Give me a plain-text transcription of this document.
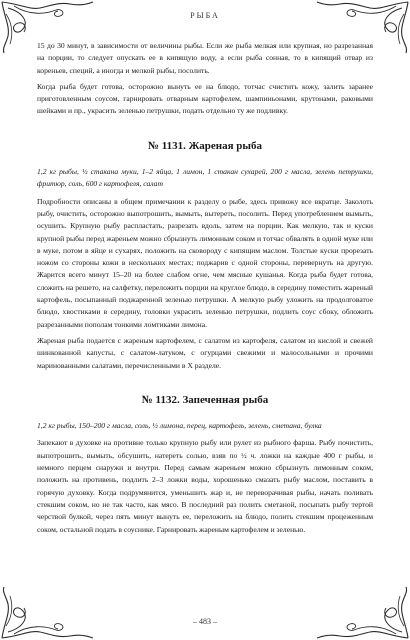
РЫБА

15 до 30 минут, в зависимости от величины рыбы. Если же рыба мелкая или крупная, но разрезанная на порции, то следует опускать ее в кипящую воду, а если рыба сонная, то в кипящий отвар из кореньев, специй, а иногда и мелкой рыбы, посолить.

Когда рыба будет готова, осторожно вынуть ее на блюдо, тотчас счистить кожу, залить заранее приготовленным соусом, гарнировать отварным картофелем, шампиньонами, крутонами, раковыми шейками и пр., украсить зеленью петрушки, подать отдельно ту же подливку.

№ 1131. Жареная рыба

1,2 кг рыбы, ½ стакана муки, 1–2 яйца, 1 лимон, 1 стакан сухарей, 200 г масла, зелень петрушки, фритюр, соль, 600 г картофеля, салат

Подробности описаны в общем примечании к разделу о рыбе, здесь привожу все вкратце. Заколоть рыбу, очистить, осторожно выпотрошить, вымыть, вытереть, посолить. Перед употреблением вымыть, осушить. Крупную рыбу распластать, разрезать вдоль, затем на порции. Как мелкую, так и куски крупной рыбы перед жареньем можно сбрызнуть лимонным соком и тотчас обвалять в одной муке или в муке, потом в яйце и сухарях, положить на сковороду с кипящим маслом. Толстые куски прорезать ножом со стороны кожи в нескольких местах; поджарив с одной стороны, перевернуть на другую. Жарится всего минут 15–20 на более слабом огне, чем мясные кушанья. Когда рыба будет готова, сложить на решето, на салфетку, переложить порции на круглое блюдо, в середину поместить жареный картофель, посыпанный поджаренной зеленью петрушки. А мелкую рыбу уложить на продолговатое блюдо, хвостиками в середину, головки украсить зеленью петрушки, подлить соус сбоку, обложить разрезанными пополам тонкими ломтиками лимона.

Жареная рыба подается с жареным картофелем, с салатом из картофеля, салатом из кислой и свежей шинкованной капусты, с салатом-латуком, с огурцами свежими и малосольными и прочими маринованными салатами, перечисленными в X разделе.

№ 1132. Запеченная рыба

1,2 кг рыбы, 150–200 г масла, соль, ½ лимона, перец, картофель, зелень, сметана, булка

Запекают в духовке на противне только крупную рыбу или рулет из рыбного фарша. Рыбу почистить, выпотрошить, вымыть, обсушить, натереть солью, взяв по ½ ч. ложки на каждые 400 г рыбы, и немного перцем снаружи и внутри. Перед самым жареньем можно сбрызнуть лимонным соком, положить на противень, подлить 2–3 ложки воды, хорошенько смазать рыбу маслом, поставить в горячую духовку. Когда подрумянится, уменьшить жар и, не переворачивая рыбы, начать поливать стекшим соком, но не так часто, как мясо. В последний раз полить сметаной, посыпать рыбу тертой черствой булкой, через пять минут вынуть ее, переложить на блюдо, полить стекшим процеженным соком, остальной подать в соуснике. Гарнировать жареным картофелем и зеленью.

– 483 –
